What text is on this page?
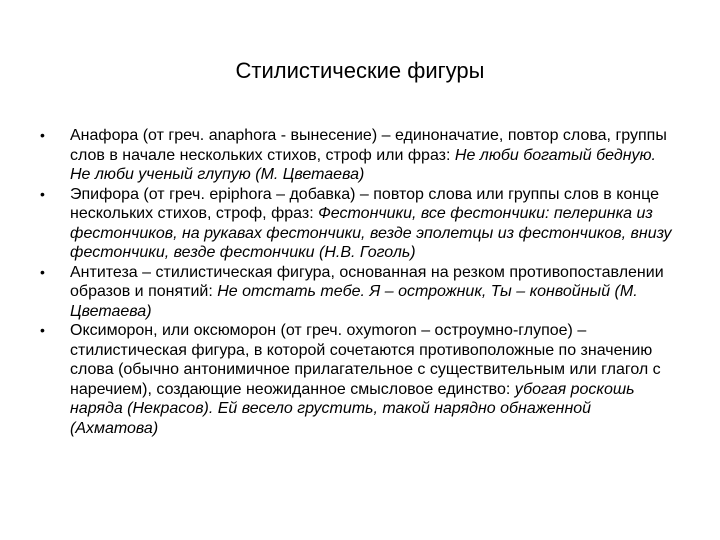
Стилистические фигуры
• Анафора (от греч. anaphora - вынесение) – единоначатие, повтор слова, группы слов в начале нескольких стихов, строф или фраз: Не люби богатый бедную. Не люби ученый глупую (М. Цветаева)
• Эпифора (от греч. epiphora – добавка) – повтор слова или группы слов в конце нескольких стихов, строф, фраз: Фестончики, все фестончики: пелеринка из фестончиков, на рукавах фестончики, везде эполетцы из фестончиков, внизу фестончики, везде фестончики (Н.В. Гоголь)
• Антитеза – стилистическая фигура, основанная на резком противопоставлении образов и понятий: Не отстать тебе. Я – острожник, Ты – конвойный (М. Цветаева)
• Оксиморон, или оксюморон (от греч. oxymoron – остроумно-глупое) – стилистическая фигура, в которой сочетаются противоположные по значению слова (обычно антонимичное прилагательное с существительным или глагол с наречием), создающие неожиданное смысловое единство: убогая роскошь наряда (Некрасов). Ей весело грустить, такой нарядно обнаженной (Ахматова)
